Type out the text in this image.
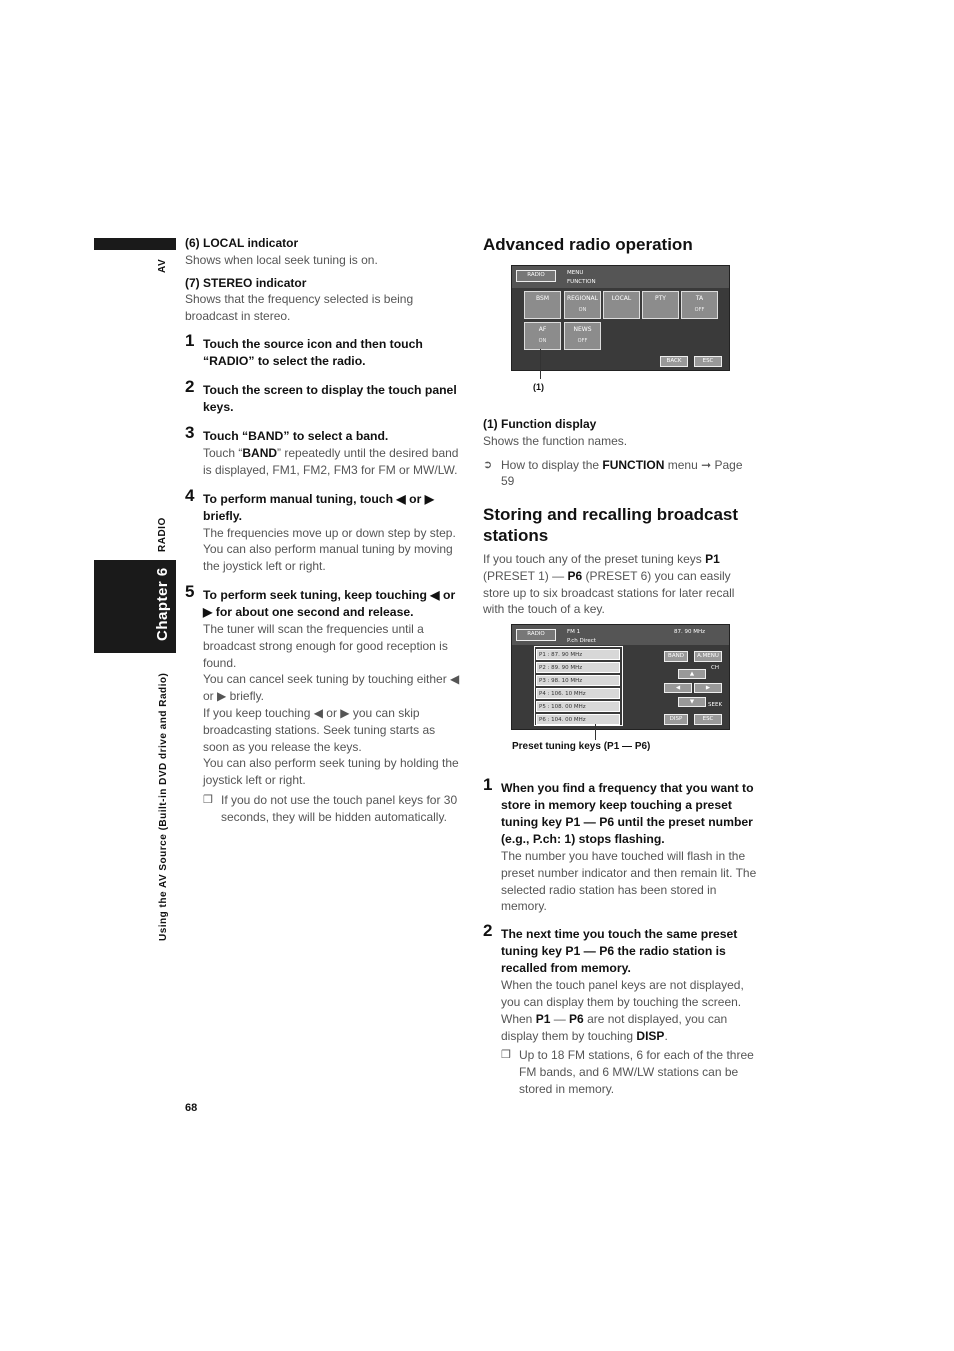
AV
RADIO
Chapter 6
Using the AV Source (Built-in DVD drive and Radio)
(6) LOCAL indicator
Shows when local seek tuning is on.
(7) STEREO indicator
Shows that the frequency selected is being broadcast in stereo.
1 Touch the source icon and then touch “RADIO” to select the radio.
2 Touch the screen to display the touch panel keys.
3 Touch “BAND” to select a band.
Touch “BAND” repeatedly until the desired band is displayed, FM1, FM2, FM3 for FM or MW/LW.
4 To perform manual tuning, touch ◀ or ▶ briefly.
The frequencies move up or down step by step.
You can also perform manual tuning by moving the joystick left or right.
5 To perform seek tuning, keep touching ◀ or ▶ for about one second and release.
The tuner will scan the frequencies until a broadcast strong enough for good reception is found.
You can cancel seek tuning by touching either ◀ or ▶ briefly.
If you keep touching ◀ or ▶ you can skip broadcasting stations. Seek tuning starts as soon as you release the keys.
You can also perform seek tuning by holding the joystick left or right.
❒ If you do not use the touch panel keys for 30 seconds, they will be hidden automatically.
Advanced radio operation
RADIO	MENU
FUNCTION
BSM	REGIONAL
ON
LOCAL	PTY	TA
OFF
AF
ON
NEWS
OFF
BACK	ESC
(1)
(1) Function display
Shows the function names.
➲ How to display the FUNCTION menu ➞ Page 59
Storing and recalling broadcast stations
If you touch any of the preset tuning keys P1 (PRESET 1) — P6 (PRESET 6) you can easily store up to six broadcast stations for later recall with the touch of a key.
RADIO	FM 1	87. 90 MHz
P.ch Direct
P1 : 87. 90 MHz
P2 : 89. 90 MHz
P3 : 98. 10 MHz
P4 : 106. 10 MHz
P5 : 108. 00 MHz
P6 : 104. 00 MHz
BAND	A.MENU
CH
▲
◀	▶
▼	SEEK
DISP	ESC
Preset tuning keys (P1 — P6)
1 When you find a frequency that you want to store in memory keep touching a preset tuning key P1 — P6 until the preset number (e.g., P.ch: 1) stops flashing.
The number you have touched will flash in the preset number indicator and then remain lit. The selected radio station has been stored in memory.
2 The next time you touch the same preset tuning key P1 — P6 the radio station is recalled from memory.
When the touch panel keys are not displayed, you can display them by touching the screen. When P1 — P6 are not displayed, you can display them by touching DISP.
❒ Up to 18 FM stations, 6 for each of the three FM bands, and 6 MW/LW stations can be stored in memory.
68
